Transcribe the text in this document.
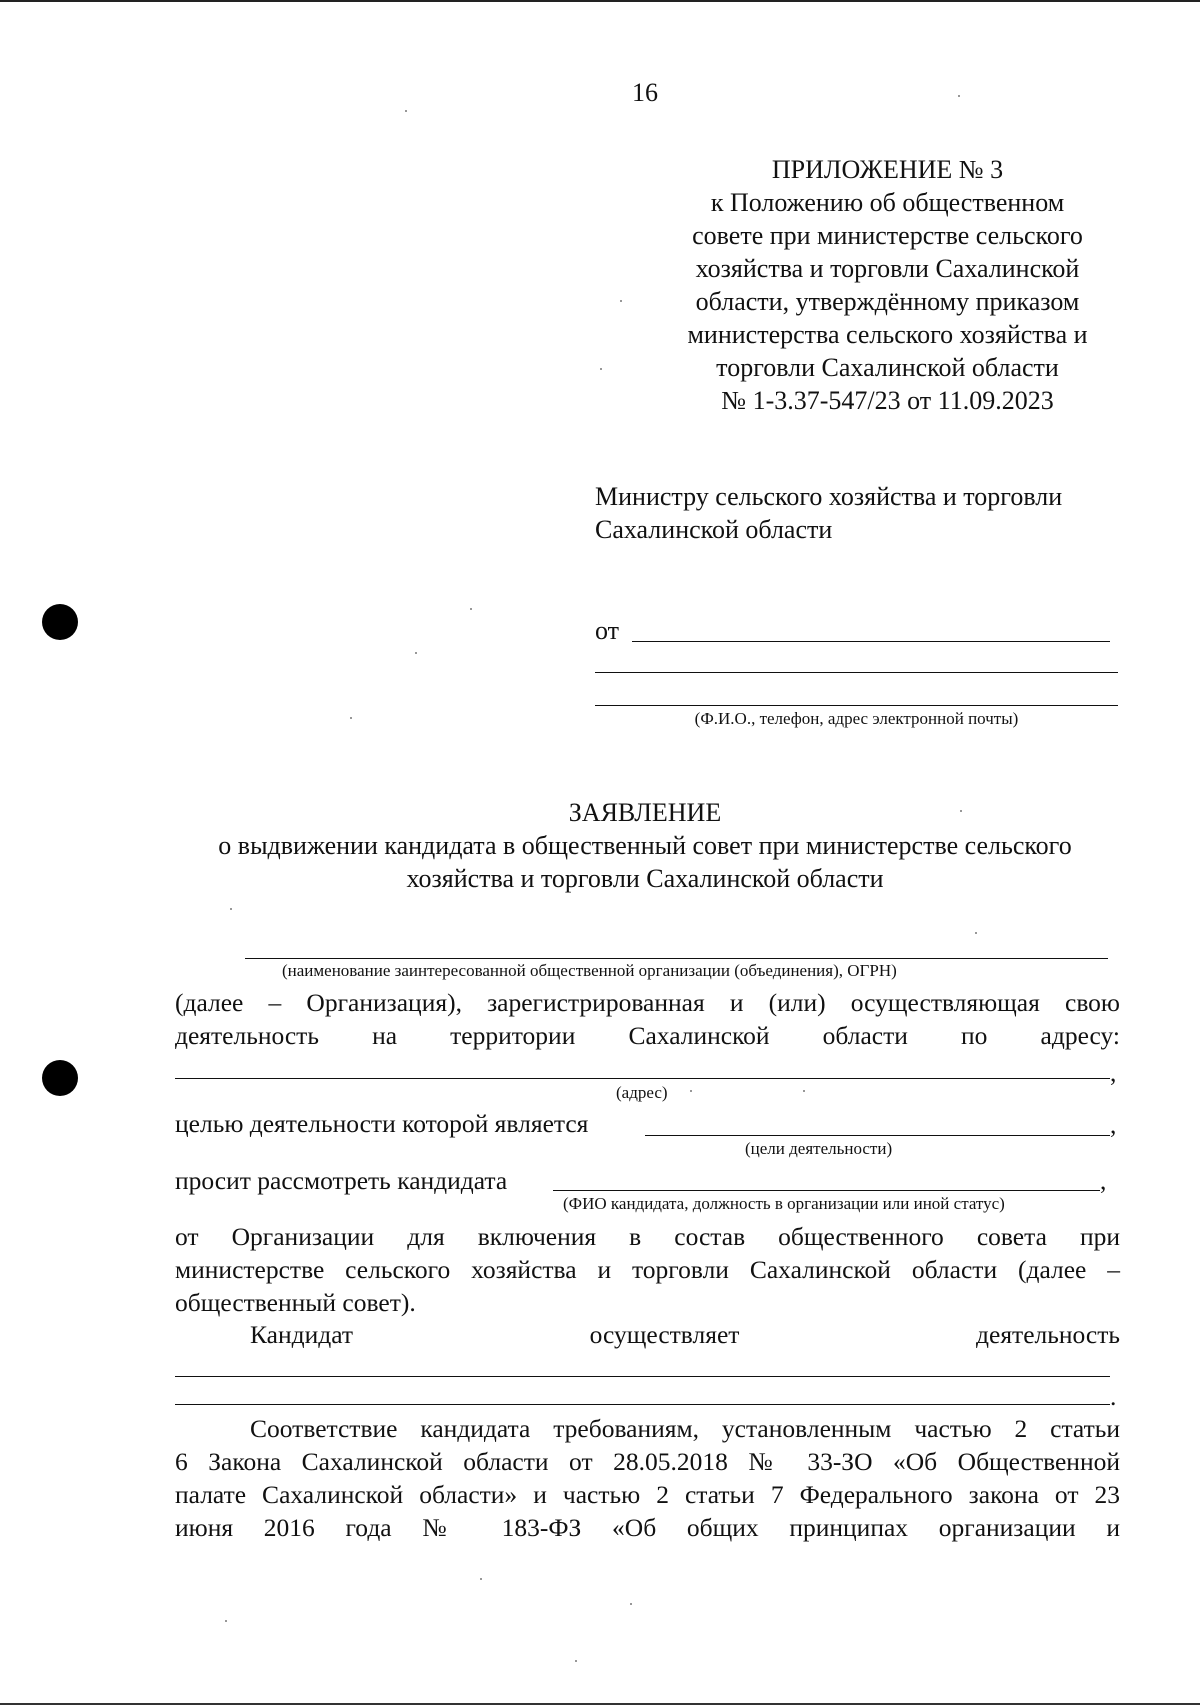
16
ПРИЛОЖЕНИЕ № 3
к Положению об общественном
совете при министерстве сельского
хозяйства и торговли Сахалинской
области, утверждённому приказом
министерства сельского хозяйства и
торговли Сахалинской области
№ 1-3.37-547/23 от 11.09.2023
Министру сельского хозяйства и торговли
Сахалинской области
от
(Ф.И.О., телефон, адрес электронной почты)
ЗАЯВЛЕНИЕ
о выдвижении кандидата в общественный совет при министерстве сельского
хозяйства и торговли Сахалинской области
(наименование заинтересованной общественной организации (объединения), ОГРН)
(далее – Организация), зарегистрированная и (или) осуществляющая свою
деятельность на территории Сахалинской области по адресу:
,
(адрес)
целью деятельности которой является	,
(цели деятельности)
просит рассмотреть кандидата	,
(ФИО кандидата, должность в организации или иной статус)
от Организации для включения в состав общественного совета при
министерстве сельского хозяйства и торговли Сахалинской области (далее –
общественный совет).
Кандидат осуществляет деятельность
.
Соответствие кандидата требованиям, установленным частью 2 статьи
6 Закона Сахалинской области от 28.05.2018 № 33-ЗО «Об Общественной
палате Сахалинской области» и частью 2 статьи 7 Федерального закона от 23
июня 2016 года № 183-ФЗ «Об общих принципах организации и
